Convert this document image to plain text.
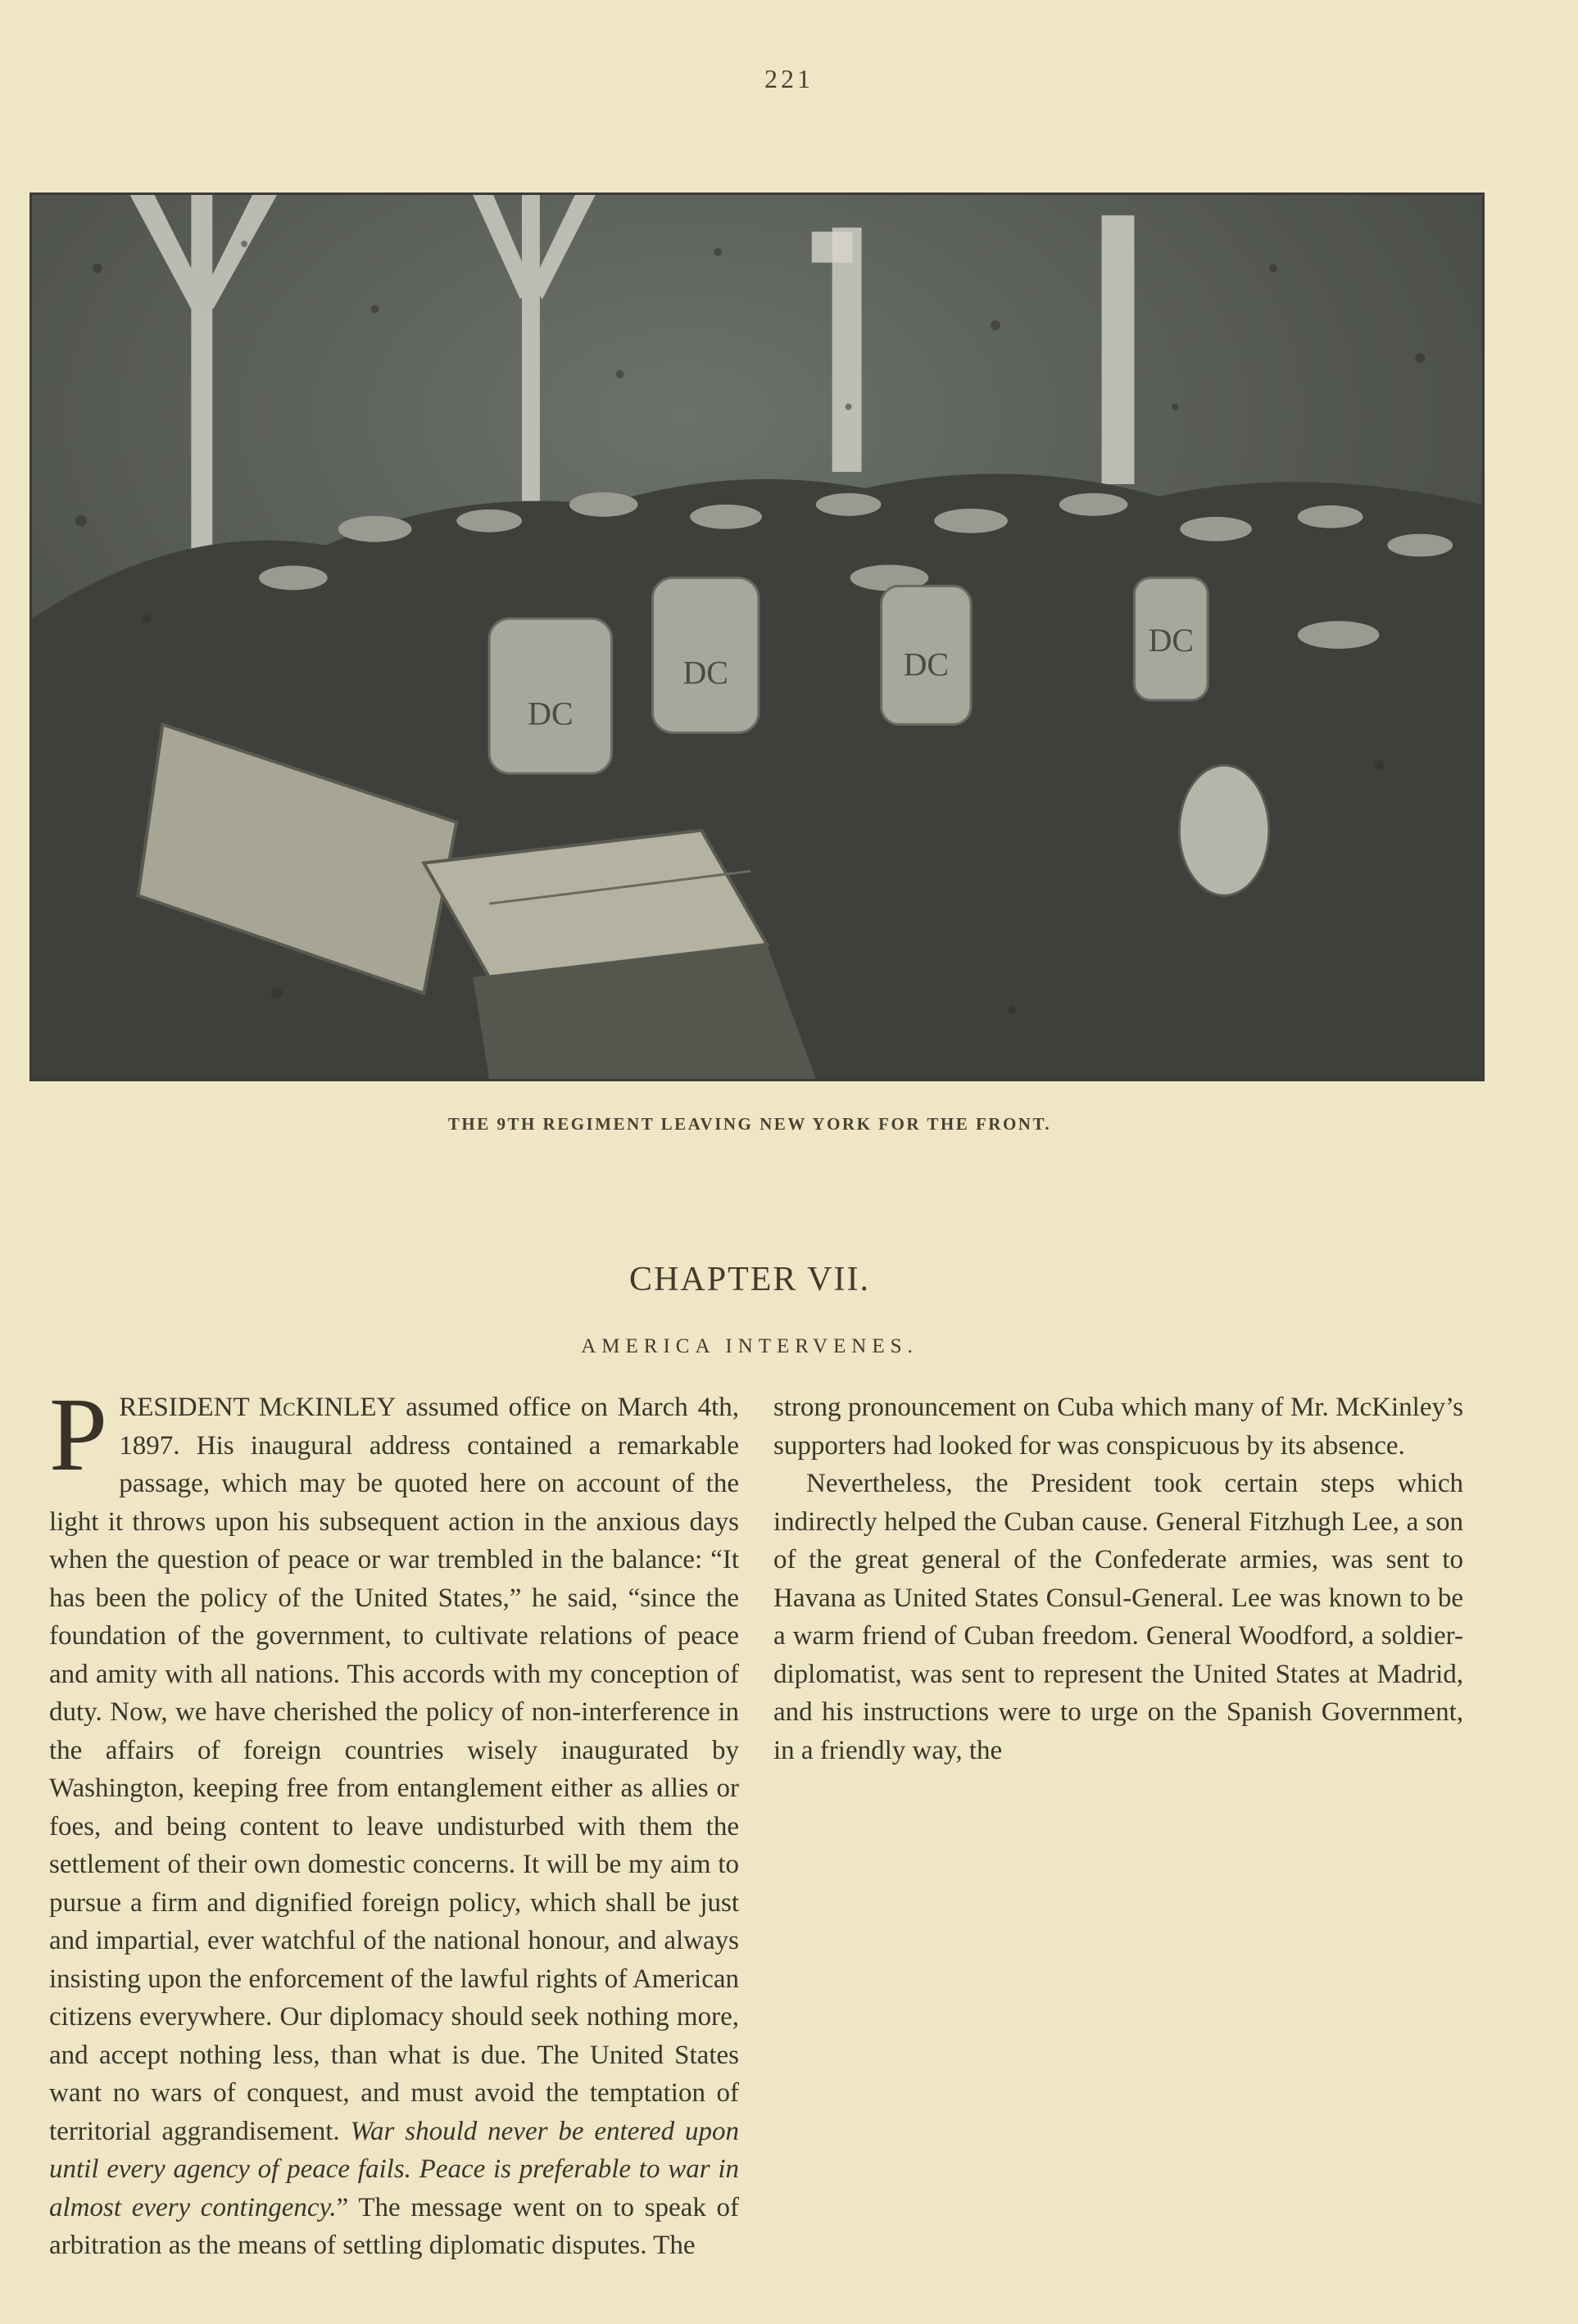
221
DC
DC	DC
DC
THE 9TH REGIMENT LEAVING NEW YORK FOR THE FRONT.
CHAPTER VII.
AMERICA INTERVENES.

PRESIDENT McKINLEY assumed office on March 4th, 1897. His inaugural address contained a remarkable passage, which may be quoted here on account of the light it throws upon his subsequent action in the anxious days when the question of peace or war trembled in the balance: “It has been the policy of the United States,” he said, “since the foundation of the government, to cultivate relations of peace and amity with all nations. This accords with my conception of duty. Now, we have cherished the policy of non-interference in the affairs of foreign countries wisely inaugurated by Washington, keeping free from entanglement either as allies or foes, and being content to leave undisturbed with them the settlement of their own domestic concerns. It will be my aim to pursue a firm and dignified foreign policy, which shall be just and impartial, ever watchful of the national honour, and always insisting upon the enforcement of the lawful rights of American citizens everywhere. Our diplomacy should seek nothing more, and accept nothing less, than what is due. The United States want no wars of conquest, and must avoid the temptation of territorial aggrandisement. War should never be entered upon until every agency of peace fails. Peace is preferable to war in almost every contingency.” The message went on to speak of arbitration as the means of settling diplomatic disputes. The

strong pronouncement on Cuba which many of Mr. McKinley’s supporters had looked for was conspicuous by its absence.

Nevertheless, the President took certain steps which indirectly helped the Cuban cause. General Fitzhugh Lee, a son of the great general of the Confederate armies, was sent to Havana as United States Consul-General. Lee was known to be a warm friend of Cuban freedom. General Woodford, a soldier-diplomatist, was sent to represent the United States at Madrid, and his instructions were to urge on the Spanish Government, in a friendly way, the
